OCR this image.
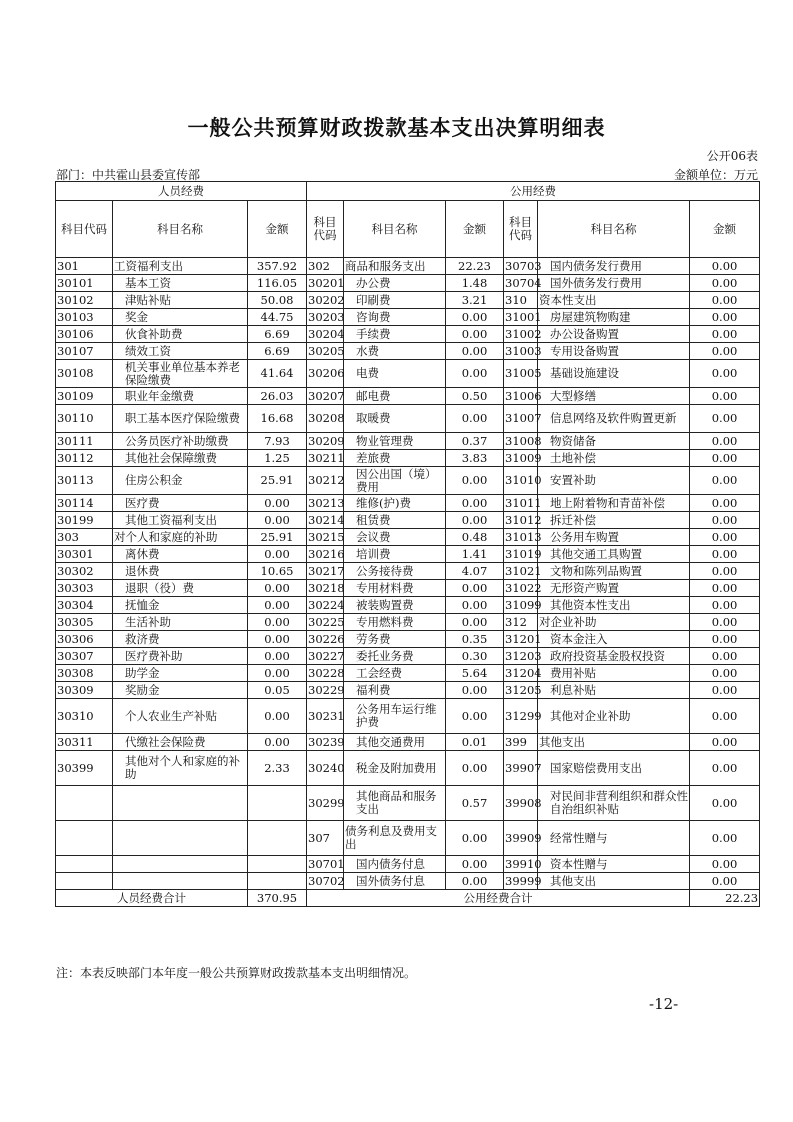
一般公共预算财政拨款基本支出决算明细表
公开06表
部门：中共霍山县委宣传部	金额单位：万元
人员经费			公用经费					
科目代码	科目名称	金额	科目代码	科目名称	金额	科目代码	科目名称	金额
301	工资福利支出	357.92	302	商品和服务支出	22.23	30703	国内债务发行费用	0.00
30101	基本工资	116.05	30201	办公费	1.48	30704	国外债务发行费用	0.00
30102	津贴补贴	50.08	30202	印刷费	3.21	310	资本性支出	0.00
30103	奖金	44.75	30203	咨询费	0.00	31001	房屋建筑物购建	0.00
30106	伙食补助费	6.69	30204	手续费	0.00	31002	办公设备购置	0.00
30107	绩效工资	6.69	30205	水费	0.00	31003	专用设备购置	0.00
30108	机关事业单位基本养老保险缴费	41.64	30206	电费	0.00	31005	基础设施建设	0.00
30109	职业年金缴费	26.03	30207	邮电费	0.50	31006	大型修缮	0.00
30110	职工基本医疗保险缴费	16.68	30208	取暖费	0.00	31007	信息网络及软件购置更新	0.00
30111	公务员医疗补助缴费	7.93	30209	物业管理费	0.37	31008	物资储备	0.00
30112	其他社会保障缴费	1.25	30211	差旅费	3.83	31009	土地补偿	0.00
30113	住房公积金	25.91	30212	因公出国（境）费用	0.00	31010	安置补助	0.00
30114	医疗费	0.00	30213	维修(护)费	0.00	31011	地上附着物和青苗补偿	0.00
30199	其他工资福利支出	0.00	30214	租赁费	0.00	31012	拆迁补偿	0.00
303	对个人和家庭的补助	25.91	30215	会议费	0.48	31013	公务用车购置	0.00
30301	离休费	0.00	30216	培训费	1.41	31019	其他交通工具购置	0.00
30302	退休费	10.65	30217	公务接待费	4.07	31021	文物和陈列品购置	0.00
30303	退职（役）费	0.00	30218	专用材料费	0.00	31022	无形资产购置	0.00
30304	抚恤金	0.00	30224	被装购置费	0.00	31099	其他资本性支出	0.00
30305	生活补助	0.00	30225	专用燃料费	0.00	312	对企业补助	0.00
30306	救济费	0.00	30226	劳务费	0.35	31201	资本金注入	0.00
30307	医疗费补助	0.00	30227	委托业务费	0.30	31203	政府投资基金股权投资	0.00
30308	助学金	0.00	30228	工会经费	5.64	31204	费用补贴	0.00
30309	奖励金	0.05	30229	福利费	0.00	31205	利息补贴	0.00
30310	个人农业生产补贴	0.00	30231	公务用车运行维护费	0.00	31299	其他对企业补助	0.00
30311	代缴社会保险费	0.00	30239	其他交通费用	0.01	399	其他支出	0.00
30399	其他对个人和家庭的补助	2.33	30240	税金及附加费用	0.00	39907	国家赔偿费用支出	0.00
			30299	其他商品和服务支出	0.57	39908	对民间非营利组织和群众性自治组织补贴	0.00
			307	债务利息及费用支出	0.00	39909	经常性赠与	0.00
			30701	国内债务付息	0.00	39910	资本性赠与	0.00
			30702	国外债务付息	0.00	39999	其他支出	0.00
人员经费合计		370.95	公用经费合计					22.23
注：本表反映部门本年度一般公共预算财政拨款基本支出明细情况。
-12-
